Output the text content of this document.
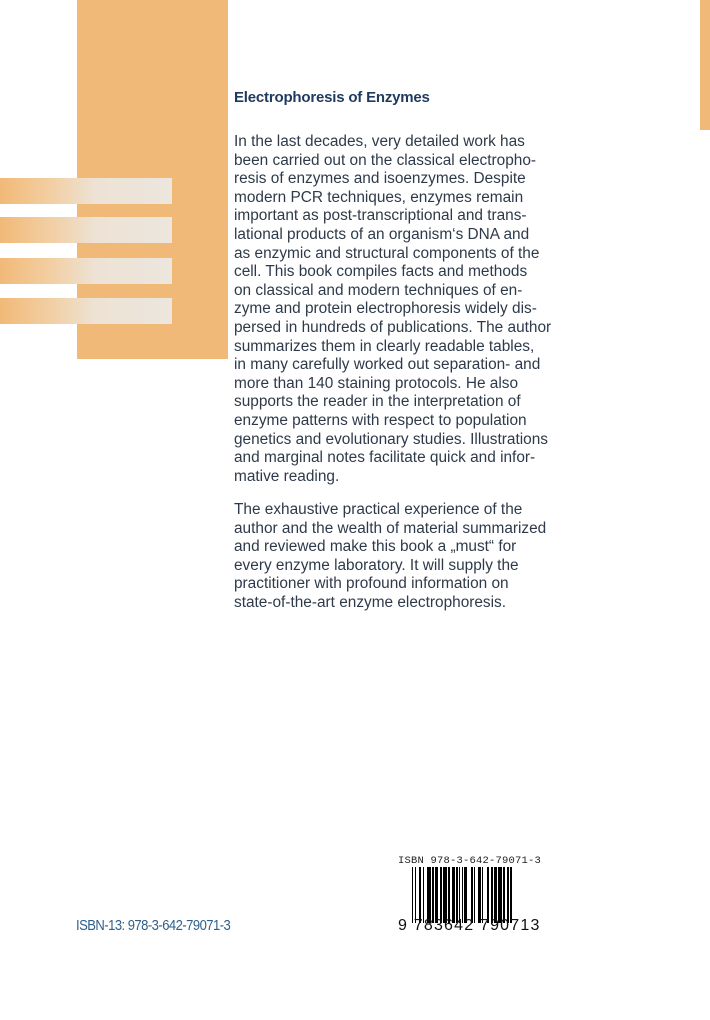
Electrophoresis of Enzymes

In the last decades, very detailed work has

been carried out on the classical electropho-

resis of enzymes and isoenzymes. Despite

modern PCR techniques, enzymes remain

important as post-transcriptional and trans-

lational products of an organism‘s DNA and

as enzymic and structural components of the

cell. This book compiles facts and methods

on classical and modern techniques of en-

zyme and protein electrophoresis widely dis-

persed in hundreds of publications. The author

summarizes them in clearly readable tables,

in many carefully worked out separation- and

more than 140 staining protocols. He also

supports the reader in the interpretation of

enzyme patterns with respect to population

genetics and evolutionary studies. Illustrations

and marginal notes facilitate quick and infor-

mative reading.

The exhaustive practical experience of the

author and the wealth of material summarized

and reviewed make this book a „must“ for

every enzyme laboratory. It will supply the

practitioner with profound information on

state-of-the-art enzyme electrophoresis.

ISBN-13: 978-3-642-79071-3
ISBN 978-3-642-79071-3
9 783642 790713
